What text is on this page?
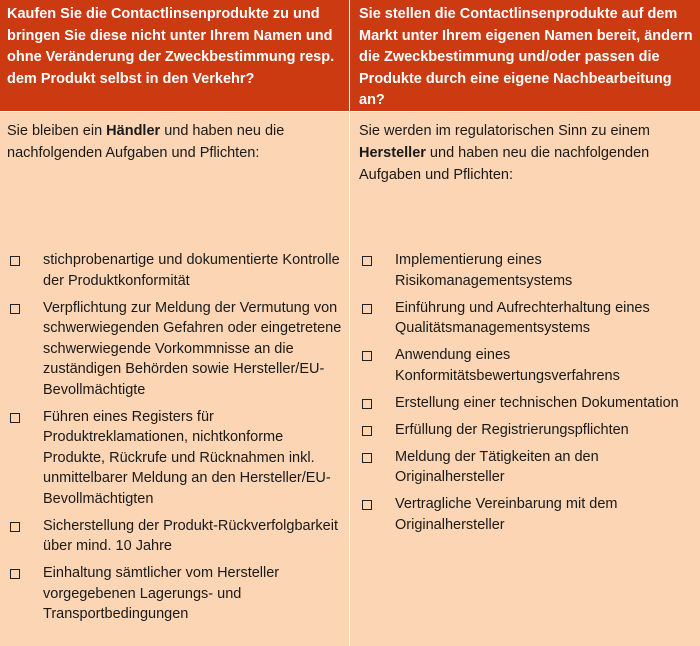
Kaufen Sie die Contactlinsenprodukte zu und bringen Sie diese nicht unter Ihrem Namen und ohne Veränderung der Zweckbestimmung resp. dem Produkt selbst in den Verkehr?
Sie bleiben ein Händler und haben neu die nachfolgenden Aufgaben und Pflichten:
stichprobenartige und dokumentierte Kontrolle der Produktkonformität
Verpflichtung zur Meldung der Vermutung von schwerwiegenden Gefahren oder eingetretene schwerwiegende Vorkommnisse an die zuständigen Behörden sowie Hersteller/EU-Bevollmächtigte
Führen eines Registers für Produktreklamationen, nichtkonforme Produkte, Rückrufe und Rücknahmen inkl. unmittelbarer Meldung an den Hersteller/EU-Bevollmächtigten
Sicherstellung der Produkt-Rückverfolgbarkeit über mind. 10 Jahre
Einhaltung sämtlicher vom Hersteller vorgegebenen Lagerungs- und Transportbedingungen
Sie stellen die Contactlinsenprodukte auf dem Markt unter Ihrem eigenen Namen bereit, ändern die Zweckbestimmung und/oder passen die Produkte durch eine eigene Nachbearbeitung an?
Sie werden im regulatorischen Sinn zu einem Hersteller und haben neu die nachfolgenden Aufgaben und Pflichten:
Implementierung eines Risikomanagementsystems
Einführung und Aufrechterhaltung eines Qualitätsmanagementsystems
Anwendung eines Konformitätsbewertungsverfahrens
Erstellung einer technischen Dokumentation
Erfüllung der Registrierungspflichten
Meldung der Tätigkeiten an den Originalhersteller
Vertragliche Vereinbarung mit dem Originalhersteller
